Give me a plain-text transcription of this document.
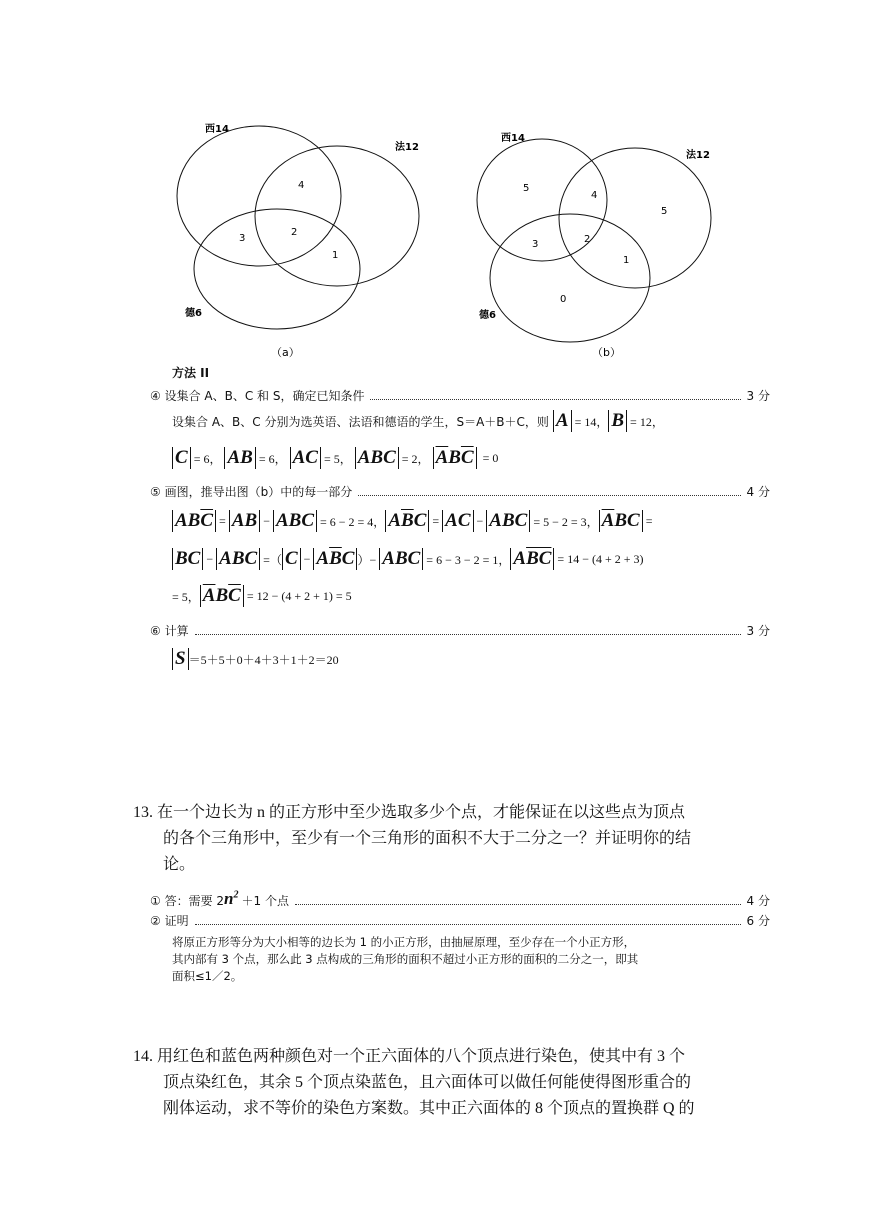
西14
法12
德6
4
2
3
1
（a）
西14
法12
德6
5
4
5
3	2
1
0
（b）
方法 II
④ 设集合 A、B、C 和 S，确定已知条件	3 分
设集合 A、B、C 分别为选英语、法语和德语的学生，S＝A＋B＋C，则 A = 14， B = 12，
C = 6， AB = 6， AC = 5， ABC = 2， $\overline{A}B\overline{C} = 0$
⑤ 画图，推导出图（b）中的每一部分	4 分
$AB\overline{C}$ = AB − ABC = 6 − 2 = 4， $A\overline{B}C$ = AC − ABC = 5 − 2 = 3， $\overline{A}BC$ =
BC − ABC =（ $C - A\overline{B}C$ ）− ABC = 6 − 3 − 2 = 1， $A\overline{BC} = 14 - (4 + 2 + 3)$
= 5， $\overline{A}B\overline{C} = 12 - (4 + 2 + 1) = 5$
⑥ 计算	3 分
S ＝5＋5＋0＋4＋3＋1＋2＝20
13. 在一个边长为 n 的正方形中至少选取多少个点，才能保证在以这些点为顶点
的各个三角形中，至少有一个三角形的面积不大于二分之一？并证明你的结
论。
① 答：需要 2 $n^2 +1$ 个点	4 分
② 证明	6 分
将原正方形等分为大小相等的边长为 1 的小正方形，由抽屉原理，至少存在一个小正方形，
其内部有 3 个点，那么此 3 点构成的三角形的面积不超过小正方形的面积的二分之一，即其
面积≤1／2。
14. 用红色和蓝色两种颜色对一个正六面体的八个顶点进行染色，使其中有 3 个
顶点染红色，其余 5 个顶点染蓝色，且六面体可以做任何能使得图形重合的
刚体运动，求不等价的染色方案数。其中正六面体的 8 个顶点的置换群 Q 的
